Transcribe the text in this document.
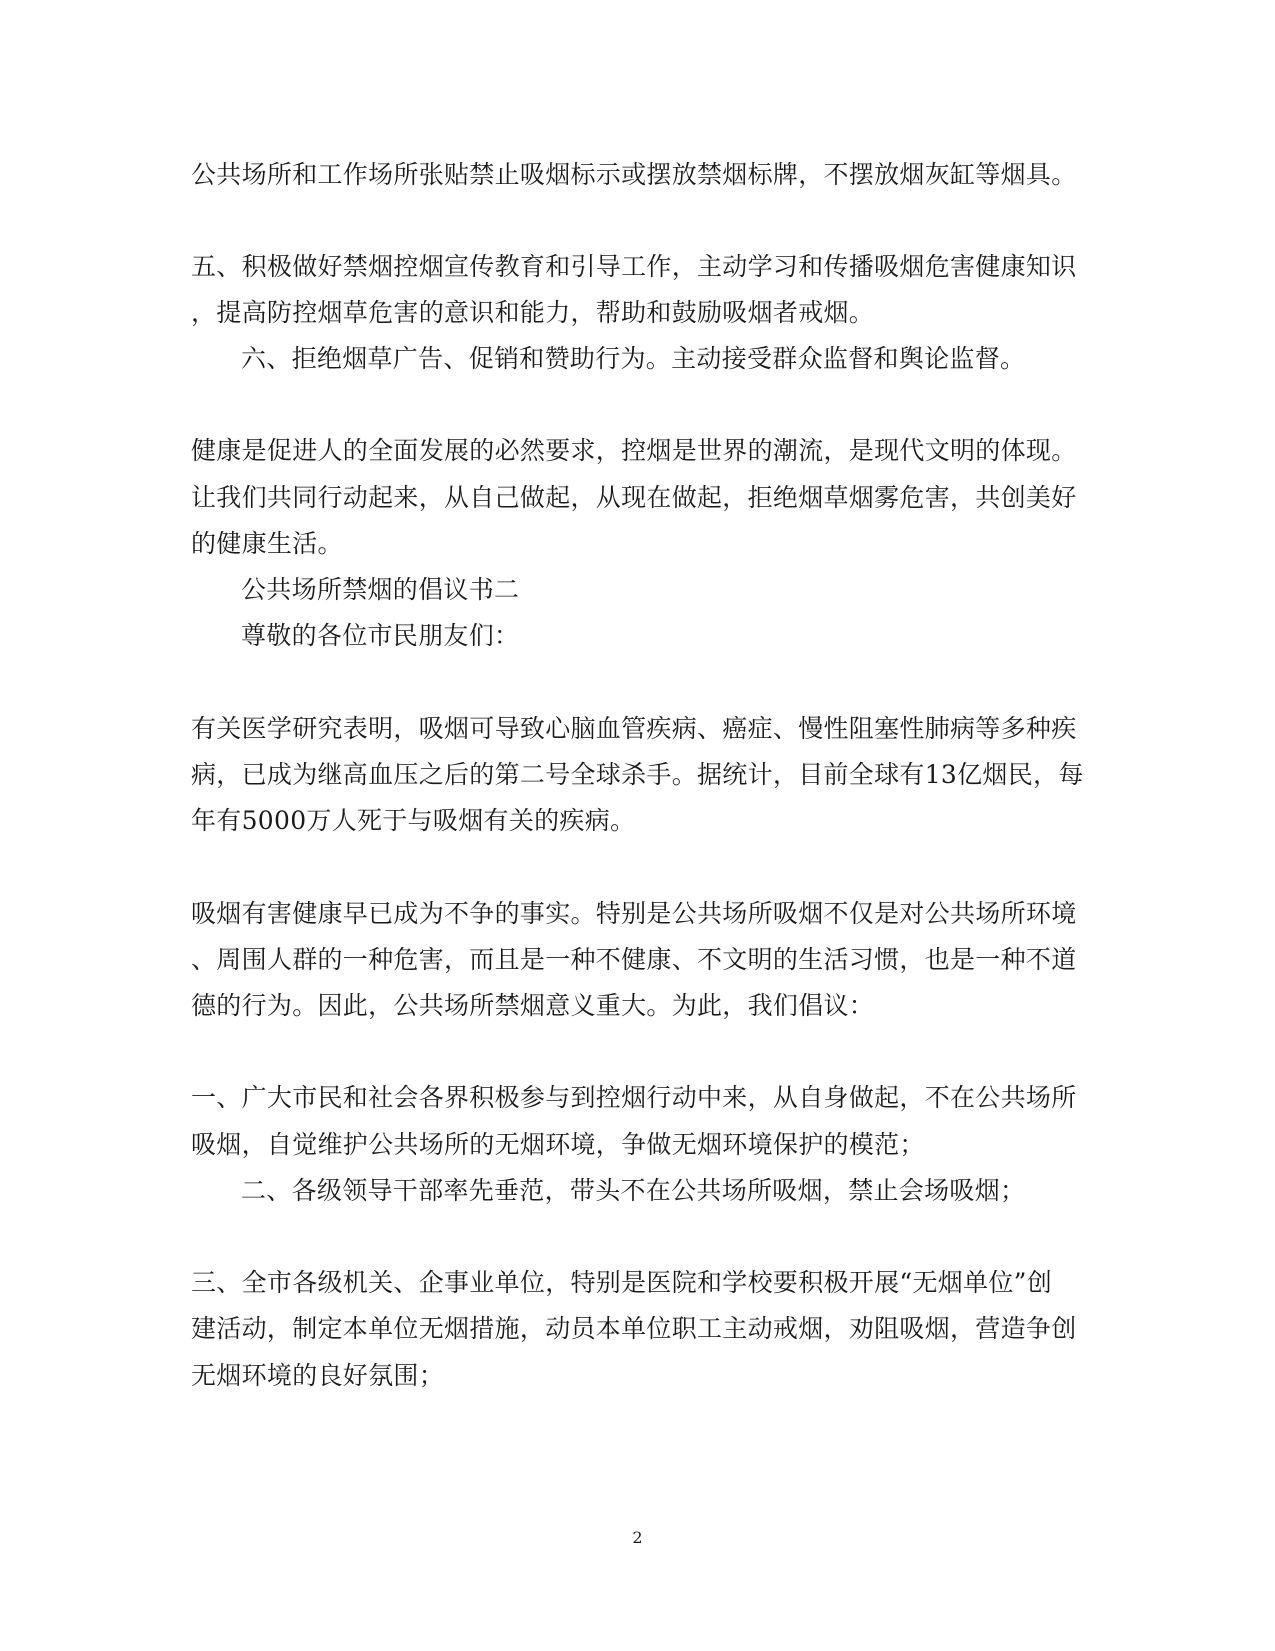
公共场所和工作场所张贴禁止吸烟标示或摆放禁烟标牌，不摆放烟灰缸等烟具。
五、积极做好禁烟控烟宣传教育和引导工作，主动学习和传播吸烟危害健康知识
，提高防控烟草危害的意识和能力，帮助和鼓励吸烟者戒烟。
六、拒绝烟草广告、促销和赞助行为。主动接受群众监督和舆论监督。
健康是促进人的全面发展的必然要求，控烟是世界的潮流，是现代文明的体现。
让我们共同行动起来，从自己做起，从现在做起，拒绝烟草烟雾危害，共创美好
的健康生活。
公共场所禁烟的倡议书二
尊敬的各位市民朋友们：
有关医学研究表明，吸烟可导致心脑血管疾病、癌症、慢性阻塞性肺病等多种疾
病，已成为继高血压之后的第二号全球杀手。据统计，目前全球有13亿烟民，每
年有5000万人死于与吸烟有关的疾病。
吸烟有害健康早已成为不争的事实。特别是公共场所吸烟不仅是对公共场所环境
、周围人群的一种危害，而且是一种不健康、不文明的生活习惯，也是一种不道
德的行为。因此，公共场所禁烟意义重大。为此，我们倡议：
一、广大市民和社会各界积极参与到控烟行动中来，从自身做起，不在公共场所
吸烟，自觉维护公共场所的无烟环境，争做无烟环境保护的模范；
二、各级领导干部率先垂范，带头不在公共场所吸烟，禁止会场吸烟；
三、全市各级机关、企事业单位，特别是医院和学校要积极开展“无烟单位”创
建活动，制定本单位无烟措施，动员本单位职工主动戒烟，劝阻吸烟，营造争创
无烟环境的良好氛围；
2
